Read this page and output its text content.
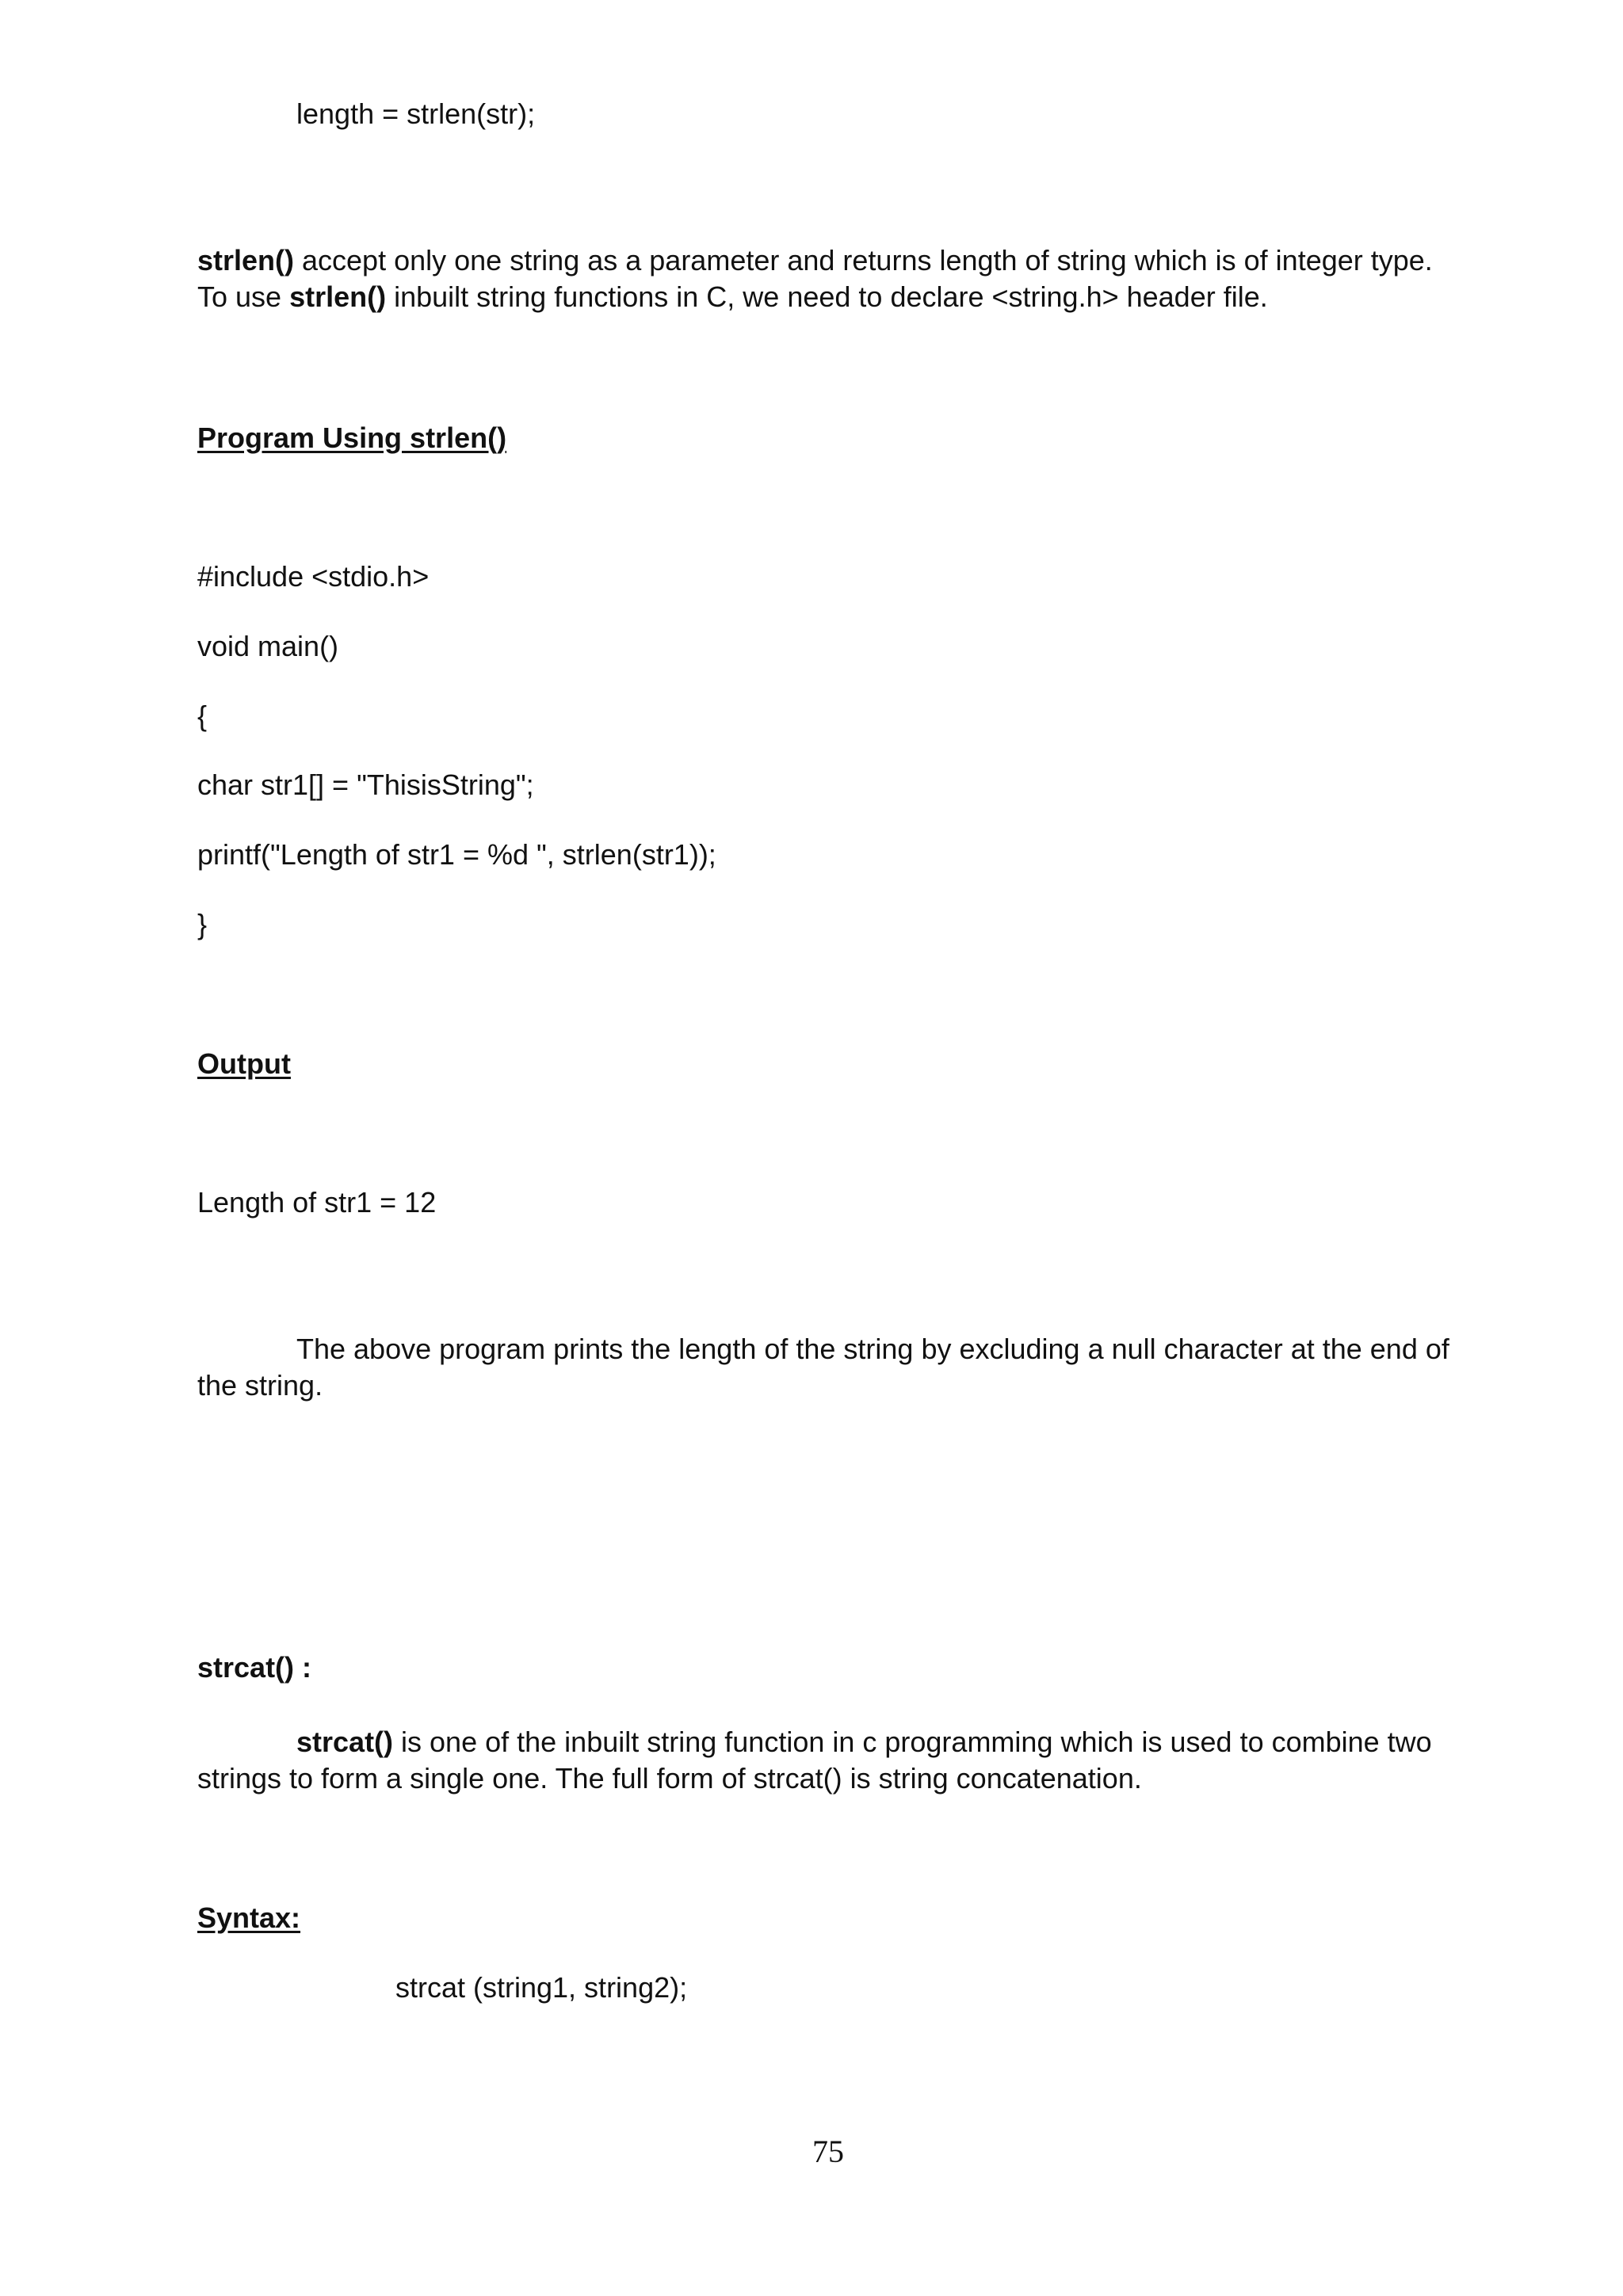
length = strlen(str);
strlen() accept only one string as a parameter and returns length of string which is of integer type. To use strlen() inbuilt string functions in C, we need to declare <string.h> header file.
Program Using strlen()
#include <stdio.h>
void main()
{
char str1[] = "ThisisString";
printf("Length of str1 = %d ", strlen(str1));
}
Output
Length of str1 = 12
The above program prints the length of the string by excluding a null character at the end of the string.
strcat() :
strcat() is one of the inbuilt string function in c programming which is used to combine two strings to form a single one. The full form of strcat() is string concatenation.
Syntax:
strcat (string1, string2);
75
